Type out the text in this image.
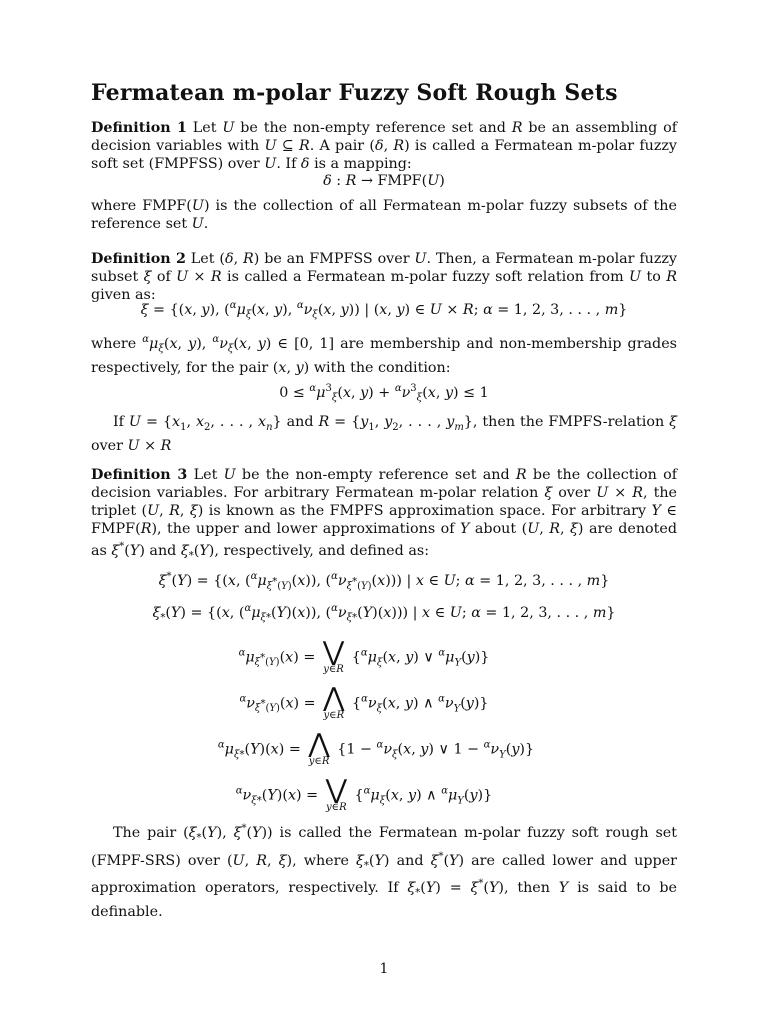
Fermatean m-polar Fuzzy Soft Rough Sets
Definition 1 Let U be the non-empty reference set and R be an assembling of decision variables with U ⊆ R. A pair (δ, R) is called a Fermatean m-polar fuzzy soft set (FMPFSS) over U. If δ is a mapping:
δ : R → FMPF(U)
where FMPF(U) is the collection of all Fermatean m-polar fuzzy subsets of the reference set U.
Definition 2 Let (δ, R) be an FMPFSS over U. Then, a Fermatean m-polar fuzzy subset ξ of U × R is called a Fermatean m-polar fuzzy soft relation from U to R given as:
ξ = {(x, y), ($^\alpha\mu_\xi(x$, y), $^\alpha\nu_\xi(x$, y)) | (x, y) ∈ U × R; α = 1, 2, 3, . . . , m}
where $^\alpha\mu_\xi(x$, y), $^\alpha\nu_\xi(x$, y) ∈ [0, 1] are membership and non-membership grades respectively, for the pair (x, y) with the condition:
$0 \le ^\alpha\mu^3_\xi(x$, $y) + ^\alpha\nu^3_\xi(x$, y) ≤ 1
If $U = \{x_1$, $x_2$, . . . , $x_n$} and $R = \{y_1$, $y_2$, . . . , $y_m$}, then the FMPFS-relation ξ over U × R
Definition 3 Let U be the non-empty reference set and R be the collection of decision variables. For arbitrary Fermatean m-polar relation ξ over U × R, the triplet (U, R, ξ) is known as the FMPFS approximation space. For arbitrary Y ∈ FMPF(R), the upper and lower approximations of Y about (U, R, ξ) are denoted as ξ*(Y) and $\xi_*(Y)$, respectively, and defined as:
ξ*(Y) = {(x, $(^\alpha\mu_{\xi^*(Y)}(x))$, $(^\alpha\nu_{\xi^*(Y)}(x))$) | x ∈ U; α = 1, 2, 3, . . . , m}
$\xi_*(Y) = \{(x$, $(^\alpha\mu_{\xi*}(Y)(x))$, $(^\alpha\nu_{\xi*}(Y)(x))$) | x ∈ U; α = 1, 2, 3, . . . , m}
$^\alpha\mu_{\xi^*(Y)}(x)$ = ⋁
y∈R
{$^\alpha\mu_\xi(x$, y) ∨ $^\alpha\mu_Y(y)$}
$^\alpha\nu_{\xi^*(Y)}(x)$ = ⋀
y∈R
{$^\alpha\nu_\xi(x$, y) ∧ $^\alpha\nu_Y(y)$}
$^\alpha\mu_{\xi*}(Y)(x)$ = ⋀
y∈R
{$1 - ^\alpha\nu_\xi(x$, y) ∨ $1 - ^\alpha\nu_Y(y)$}
$^\alpha\nu_{\xi*}(Y)(x)$ = ⋁
y∈R
{$^\alpha\mu_\xi(x$, y) ∧ $^\alpha\mu_Y(y)$}
The pair ($\xi_*(Y)$, ξ*(Y)) is called the Fermatean m-polar fuzzy soft rough set (FMPF-SRS) over (U, R, ξ), where $\xi_*(Y)$ and ξ*(Y) are called lower and upper approximation operators, respectively. If $\xi_*(Y) = \xi^*(Y)$, then Y is said to be definable.
1
